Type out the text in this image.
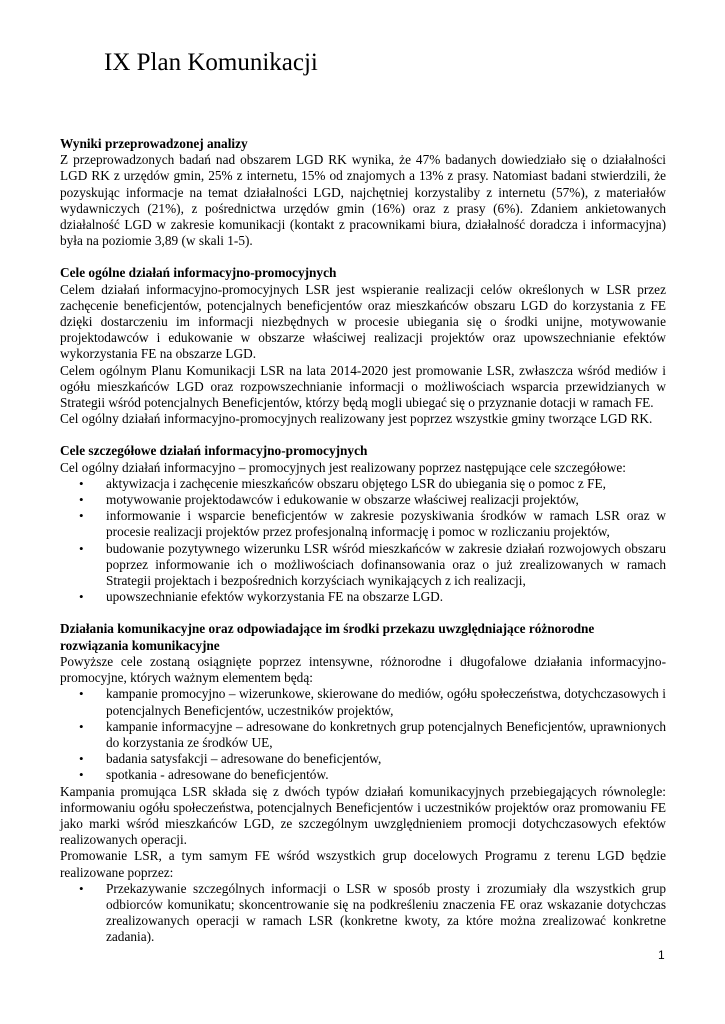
IX Plan Komunikacji
Wyniki przeprowadzonej analizy

Z przeprowadzonych badań nad obszarem LGD RK wynika, że 47% badanych dowiedziało się o działalności LGD RK z urzędów gmin, 25% z internetu, 15% od znajomych a 13% z prasy. Natomiast badani stwierdzili, że pozyskując informacje na temat działalności LGD, najchętniej korzystaliby z internetu (57%), z materiałów wydawniczych (21%), z pośrednictwa urzędów gmin (16%) oraz z prasy (6%). Zdaniem ankietowanych działalność LGD w zakresie komunikacji (kontakt z pracownikami biura, działalność doradcza i informacyjna) była na poziomie 3,89 (w skali 1-5).

Cele ogólne działań informacyjno-promocyjnych

Celem działań informacyjno-promocyjnych LSR jest wspieranie realizacji celów określonych w LSR przez zachęcenie beneficjentów, potencjalnych beneficjentów oraz mieszkańców obszaru LGD do korzystania z FE dzięki dostarczeniu im informacji niezbędnych w procesie ubiegania się o środki unijne, motywowanie projektodawców i edukowanie w obszarze właściwej realizacji projektów oraz upowszechnianie efektów wykorzystania FE na obszarze LGD.

Celem ogólnym Planu Komunikacji LSR na lata 2014-2020 jest promowanie LSR, zwłaszcza wśród mediów i ogółu mieszkańców LGD oraz rozpowszechnianie informacji o możliwościach wsparcia przewidzianych w Strategii wśród potencjalnych Beneficjentów, którzy będą mogli ubiegać się o przyznanie dotacji w ramach FE.

Cel ogólny działań informacyjno-promocyjnych realizowany jest poprzez wszystkie gminy tworzące LGD RK.

Cele szczegółowe działań informacyjno-promocyjnych

Cel ogólny działań informacyjno – promocyjnych jest realizowany poprzez następujące cele szczegółowe:

• aktywizacja i zachęcenie mieszkańców obszaru objętego LSR do ubiegania się o pomoc z FE,
• motywowanie projektodawców i edukowanie w obszarze właściwej realizacji projektów,
• informowanie i wsparcie beneficjentów w zakresie pozyskiwania środków w ramach LSR oraz w procesie realizacji projektów przez profesjonalną informację i pomoc w rozliczaniu projektów,
• budowanie pozytywnego wizerunku LSR wśród mieszkańców w zakresie działań rozwojowych obszaru poprzez informowanie ich o możliwościach dofinansowania oraz o już zrealizowanych w ramach Strategii projektach i bezpośrednich korzyściach wynikających z ich realizacji,
• upowszechnianie efektów wykorzystania FE na obszarze LGD.
Działania komunikacyjne oraz odpowiadające im środki przekazu uwzględniające różnorodne rozwiązania komunikacyjne

Powyższe cele zostaną osiągnięte poprzez intensywne, różnorodne i długofalowe działania informacyjno-promocyjne, których ważnym elementem będą:

• kampanie promocyjno – wizerunkowe, skierowane do mediów, ogółu społeczeństwa, dotychczasowych i potencjalnych Beneficjentów, uczestników projektów,
• kampanie informacyjne – adresowane do konkretnych grup potencjalnych Beneficjentów, uprawnionych do korzystania ze środków UE,
• badania satysfakcji – adresowane do beneficjentów,
• spotkania - adresowane do beneficjentów.

Kampania promująca LSR składa się z dwóch typów działań komunikacyjnych przebiegających równolegle: informowaniu ogółu społeczeństwa, potencjalnych Beneficjentów i uczestników projektów oraz promowaniu FE jako marki wśród mieszkańców LGD, ze szczególnym uwzględnieniem promocji dotychczasowych efektów realizowanych operacji.

Promowanie LSR, a tym samym FE wśród wszystkich grup docelowych Programu z terenu LGD będzie realizowane poprzez:

• Przekazywanie szczególnych informacji o LSR w sposób prosty i zrozumiały dla wszystkich grup odbiorców komunikatu; skoncentrowanie się na podkreśleniu znaczenia FE oraz wskazanie dotychczas zrealizowanych operacji w ramach LSR (konkretne kwoty, za które można zrealizować konkretne zadania).
1
